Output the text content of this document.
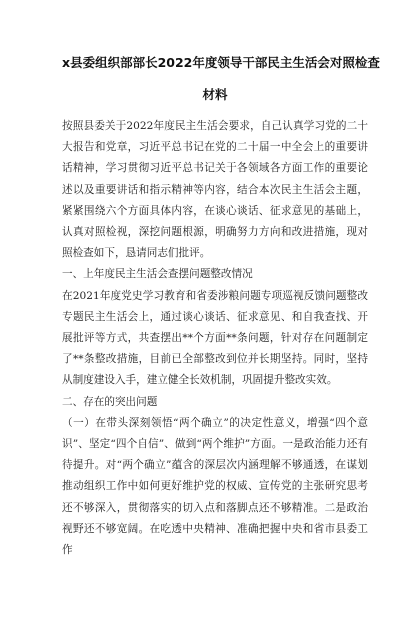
x县委组织部部长2022年度领导干部民主生活会对照检查
材料

按照县委关于2022年度民主生活会要求，自己认真学习党的二十大报告和党章，习近平总书记在党的二十届一中全会上的重要讲话精神，学习贯彻习近平总书记关于各领域各方面工作的重要论述以及重要讲话和指示精神等内容，结合本次民主生活会主题，紧紧围绕六个方面具体内容，在谈心谈话、征求意见的基础上，认真对照检视，深挖问题根源，明确努力方向和改进措施，现对照检查如下，恳请同志们批评。

一、上年度民主生活会查摆问题整改情况

在2021年度党史学习教育和省委涉粮问题专项巡视反馈问题整改专题民主生活会上，通过谈心谈话、征求意见、和自我查找、开展批评等方式，共查摆出**个方面**条问题，针对存在问题制定了**条整改措施，目前已全部整改到位并长期坚持。同时，坚持从制度建设入手，建立健全长效机制，巩固提升整改实效。

二、存在的突出问题

（一）在带头深刻领悟“两个确立”的决定性意义，增强“四个意识”、坚定“四个自信”、做到“两个维护”方面。一是政治能力还有待提升。对“两个确立”蕴含的深层次内涵理解不够通透，在谋划推动组织工作中如何更好维护党的权威、宣传党的主张研究思考还不够深入，贯彻落实的切入点和落脚点还不够精准。二是政治视野还不够宽阔。在吃透中央精神、准确把握中央和省市县委工作
